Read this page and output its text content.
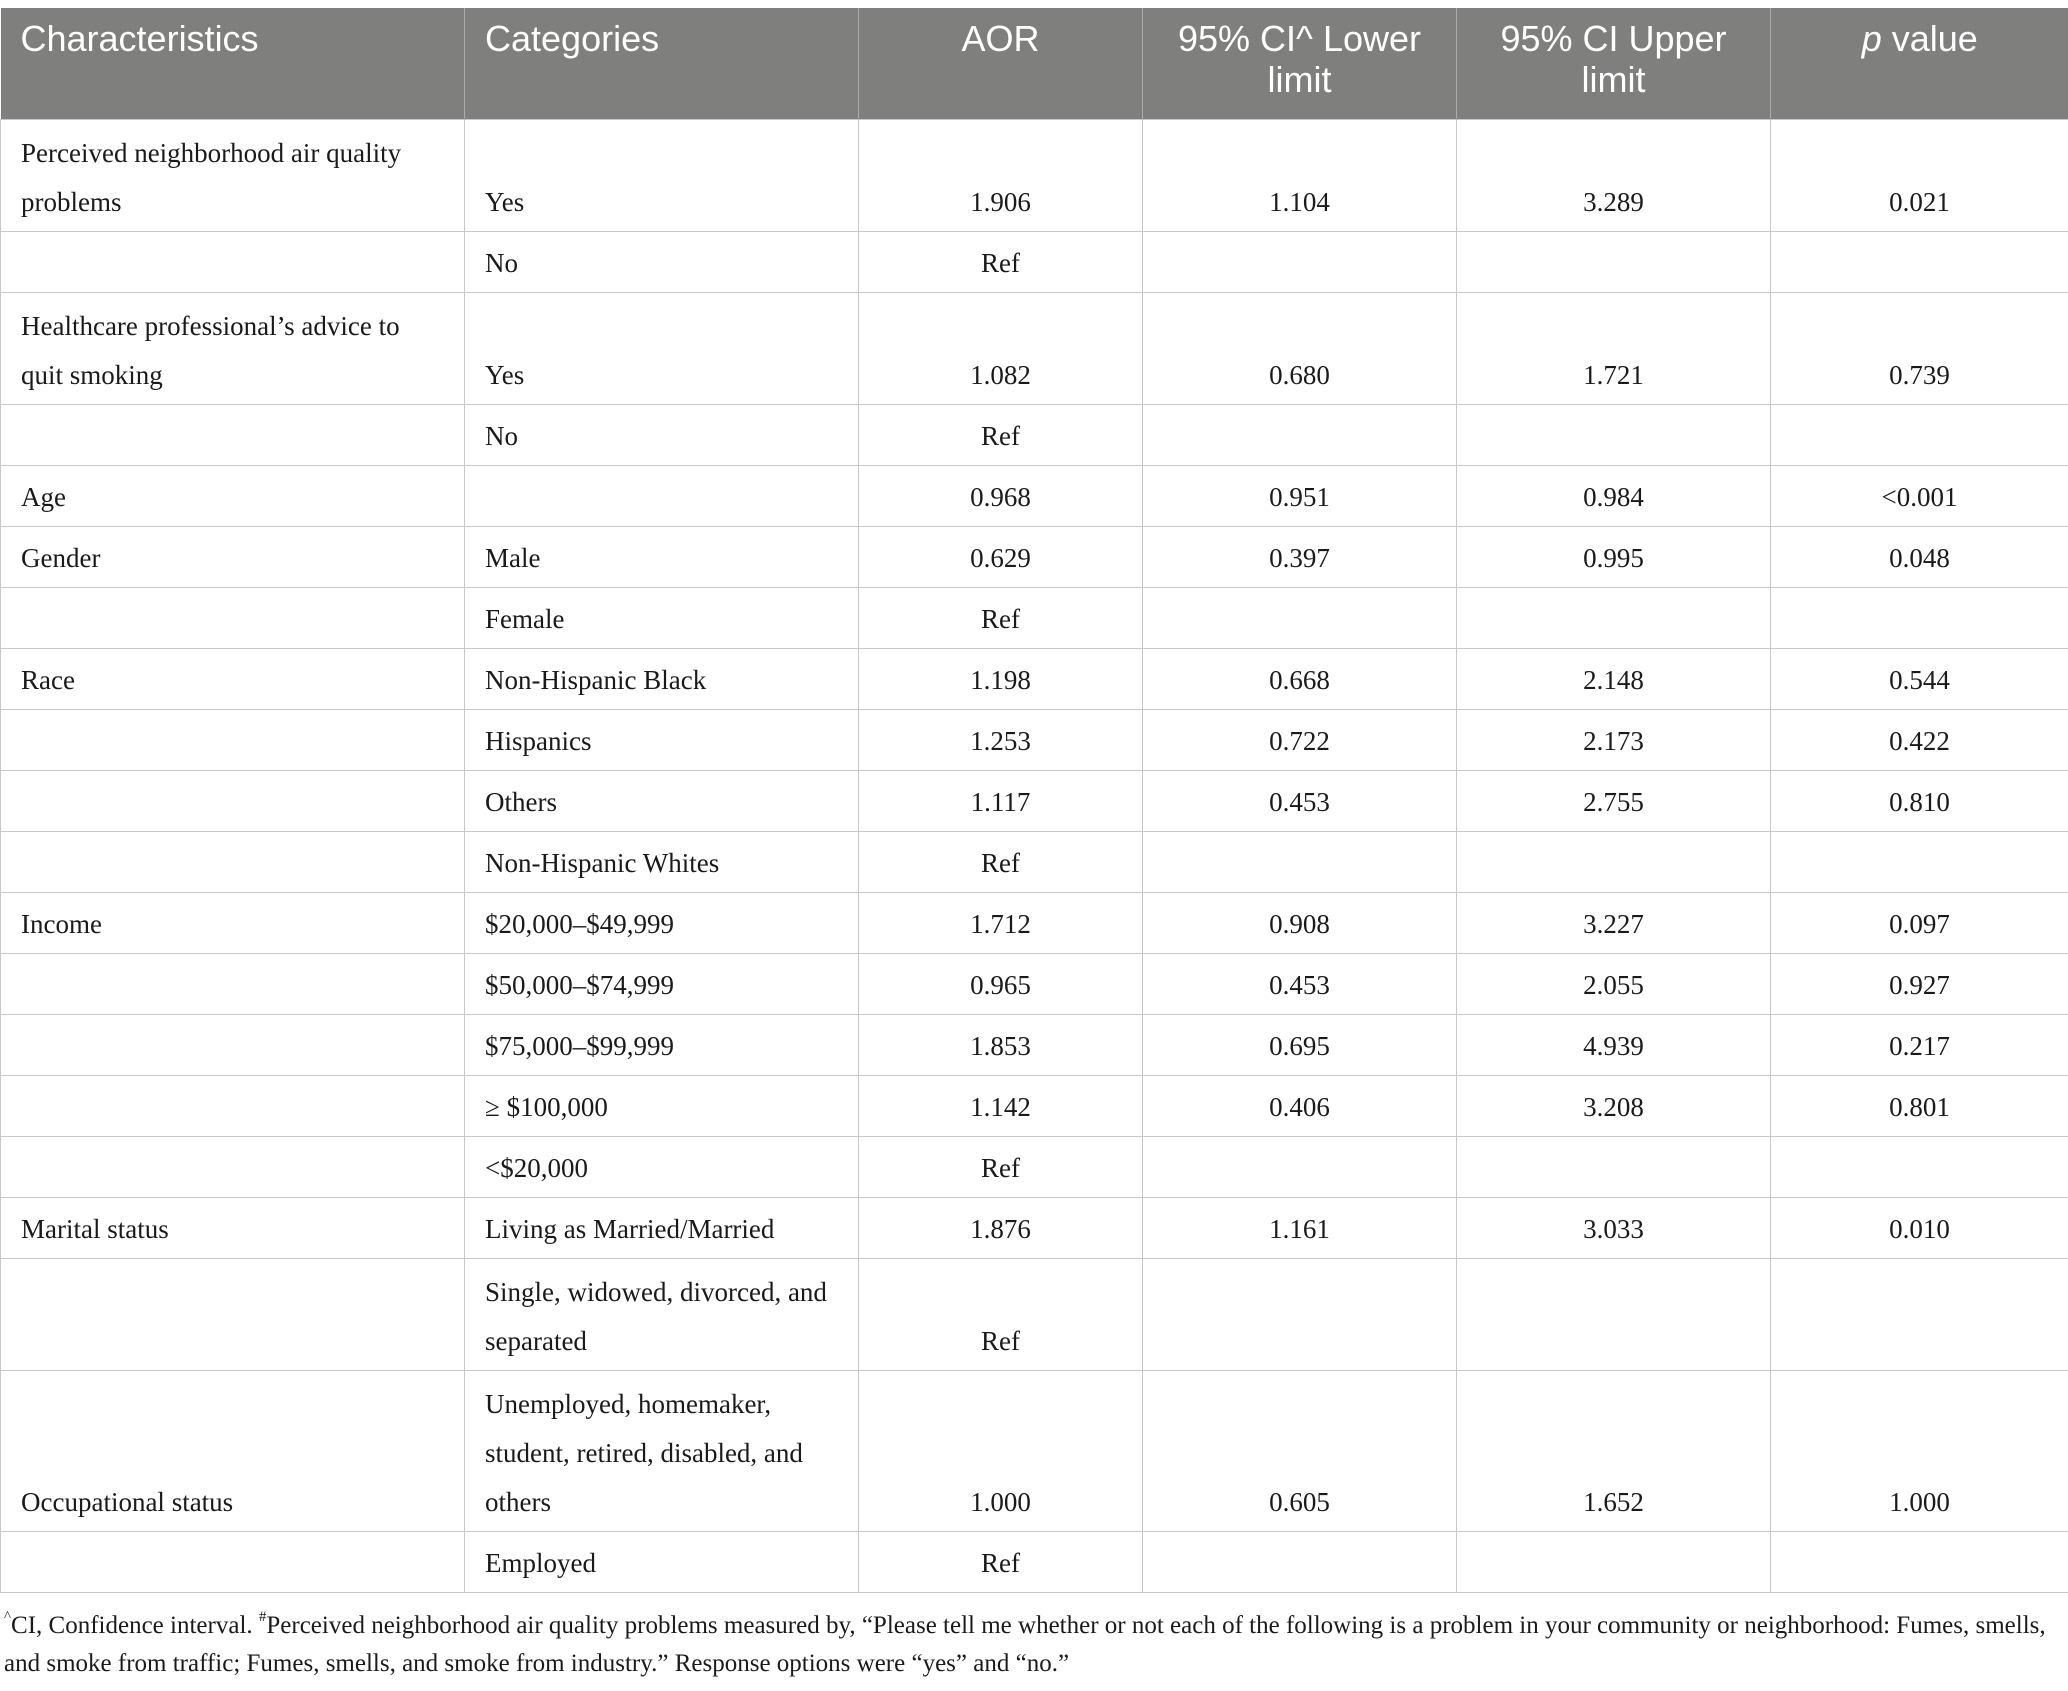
Characteristics	Categories	AOR	95% CI^ Lower limit	95% CI Upper limit	p value
Perceived neighborhood air quality problems	Yes	1.906	1.104	3.289	0.021
	No	Ref			
Healthcare professional’s advice to quit smoking	Yes	1.082	0.680	1.721	0.739
	No	Ref			
Age		0.968	0.951	0.984	<0.001
Gender	Male	0.629	0.397	0.995	0.048
	Female	Ref			
Race	Non-Hispanic Black	1.198	0.668	2.148	0.544
	Hispanics	1.253	0.722	2.173	0.422
	Others	1.117	0.453	2.755	0.810
	Non-Hispanic Whites	Ref			
Income	$20,000–$49,999	1.712	0.908	3.227	0.097
	$50,000–$74,999	0.965	0.453	2.055	0.927
	$75,000–$99,999	1.853	0.695	4.939	0.217
	≥ $100,000	1.142	0.406	3.208	0.801
	<$20,000	Ref			
Marital status	Living as Married/Married	1.876	1.161	3.033	0.010
	Single, widowed, divorced, and separated	Ref			
Occupational status	Unemployed, homemaker, student, retired, disabled, and others	1.000	0.605	1.652	1.000
	Employed	Ref			
^CI, Confidence interval. #Perceived neighborhood air quality problems measured by, “Please tell me whether or not each of the following is a problem in your community or neighborhood: Fumes, smells, and smoke from traffic; Fumes, smells, and smoke from industry.” Response options were “yes” and “no.”
